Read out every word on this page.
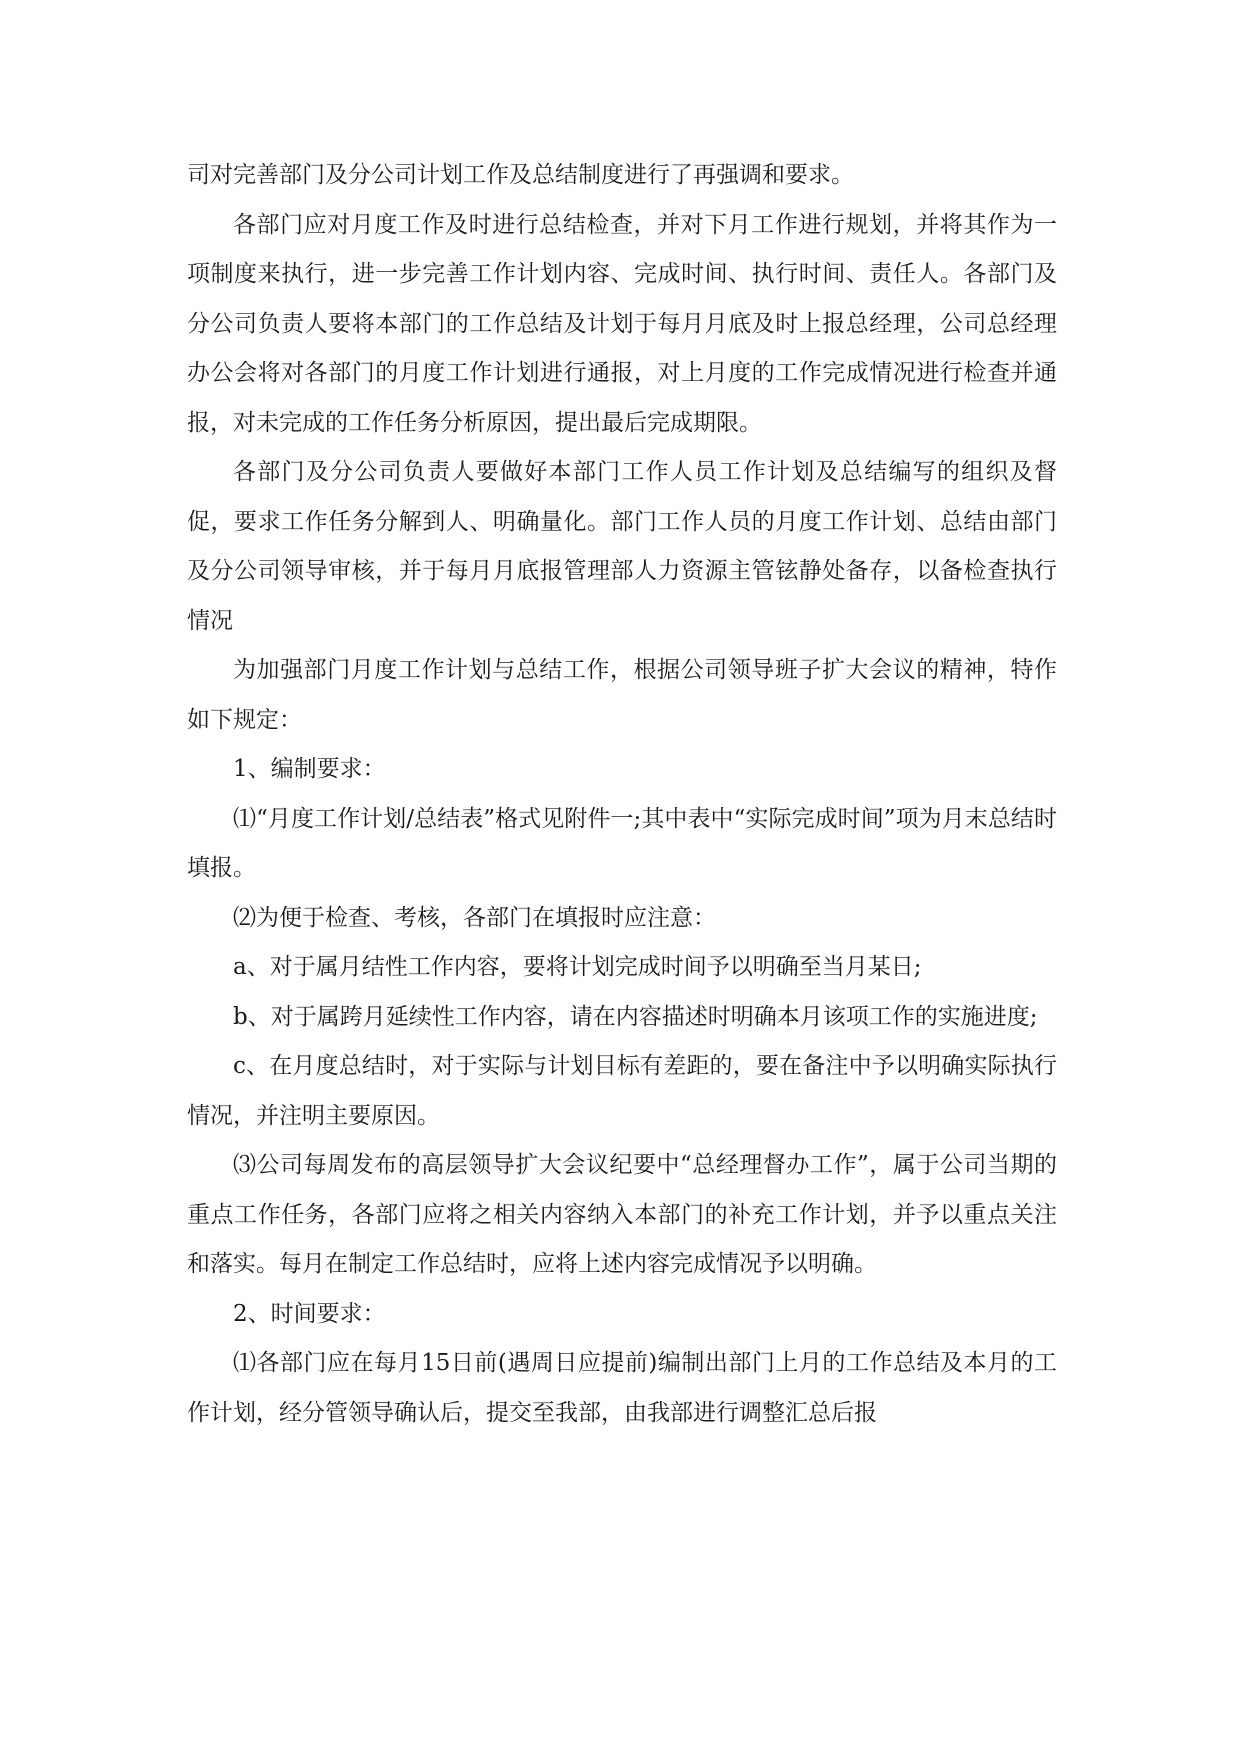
司对完善部门及分公司计划工作及总结制度进行了再强调和要求。

各部门应对月度工作及时进行总结检查，并对下月工作进行规划，并将其作为一项制度来执行，进一步完善工作计划内容、完成时间、执行时间、责任人。各部门及分公司负责人要将本部门的工作总结及计划于每月月底及时上报总经理，公司总经理办公会将对各部门的月度工作计划进行通报，对上月度的工作完成情况进行检查并通报，对未完成的工作任务分析原因，提出最后完成期限。

各部门及分公司负责人要做好本部门工作人员工作计划及总结编写的组织及督促，要求工作任务分解到人、明确量化。部门工作人员的月度工作计划、总结由部门及分公司领导审核，并于每月月底报管理部人力资源主管铉静处备存，以备检查执行情况

为加强部门月度工作计划与总结工作，根据公司领导班子扩大会议的精神，特作如下规定：

1、编制要求：

⑴“月度工作计划/总结表”格式见附件一;其中表中“实际完成时间”项为月末总结时填报。

⑵为便于检查、考核，各部门在填报时应注意：

a、对于属月结性工作内容，要将计划完成时间予以明确至当月某日;

b、对于属跨月延续性工作内容，请在内容描述时明确本月该项工作的实施进度;

c、在月度总结时，对于实际与计划目标有差距的，要在备注中予以明确实际执行情况，并注明主要原因。

⑶公司每周发布的高层领导扩大会议纪要中“总经理督办工作”，属于公司当期的重点工作任务，各部门应将之相关内容纳入本部门的补充工作计划，并予以重点关注和落实。每月在制定工作总结时，应将上述内容完成情况予以明确。

2、时间要求：

⑴各部门应在每月15日前(遇周日应提前)编制出部门上月的工作总结及本月的工作计划，经分管领导确认后，提交至我部，由我部进行调整汇总后报
